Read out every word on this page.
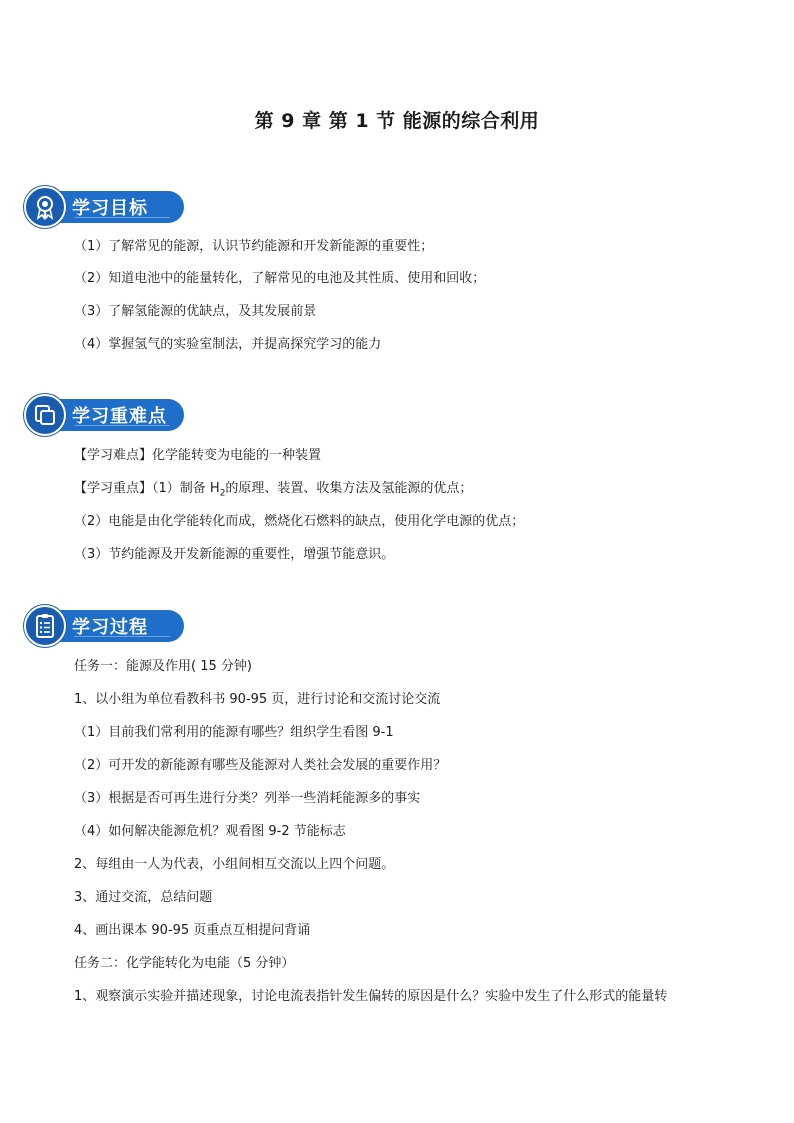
第 9 章 第 1 节 能源的综合利用
学习目标
（1）了解常见的能源，认识节约能源和开发新能源的重要性；
（2）知道电池中的能量转化，了解常见的电池及其性质、使用和回收；
（3）了解氢能源的优缺点，及其发展前景
（4）掌握氢气的实验室制法，并提高探究学习的能力
学习重难点
【学习难点】化学能转变为电能的一种装置
【学习重点】（1）制备 $H_2$的原理、装置、收集方法及氢能源的优点；
（2）电能是由化学能转化而成，燃烧化石燃料的缺点，使用化学电源的优点；
（3）节约能源及开发新能源的重要性，增强节能意识。
学习过程
任务一：能源及作用( 15 分钟)
1、以小组为单位看教科书 90-95 页，进行讨论和交流讨论交流
（1）目前我们常利用的能源有哪些？组织学生看图 9-1
（2）可开发的新能源有哪些及能源对人类社会发展的重要作用？
（3）根据是否可再生进行分类？列举一些消耗能源多的事实
（4）如何解决能源危机？观看图 9-2 节能标志
2、每组由一人为代表，小组间相互交流以上四个问题。
3、通过交流，总结问题
4、画出课本 90-95 页重点互相提问背诵
任务二：化学能转化为电能（5 分钟）
1、观察演示实验并描述现象，讨论电流表指针发生偏转的原因是什么？实验中发生了什么形式的能量转
